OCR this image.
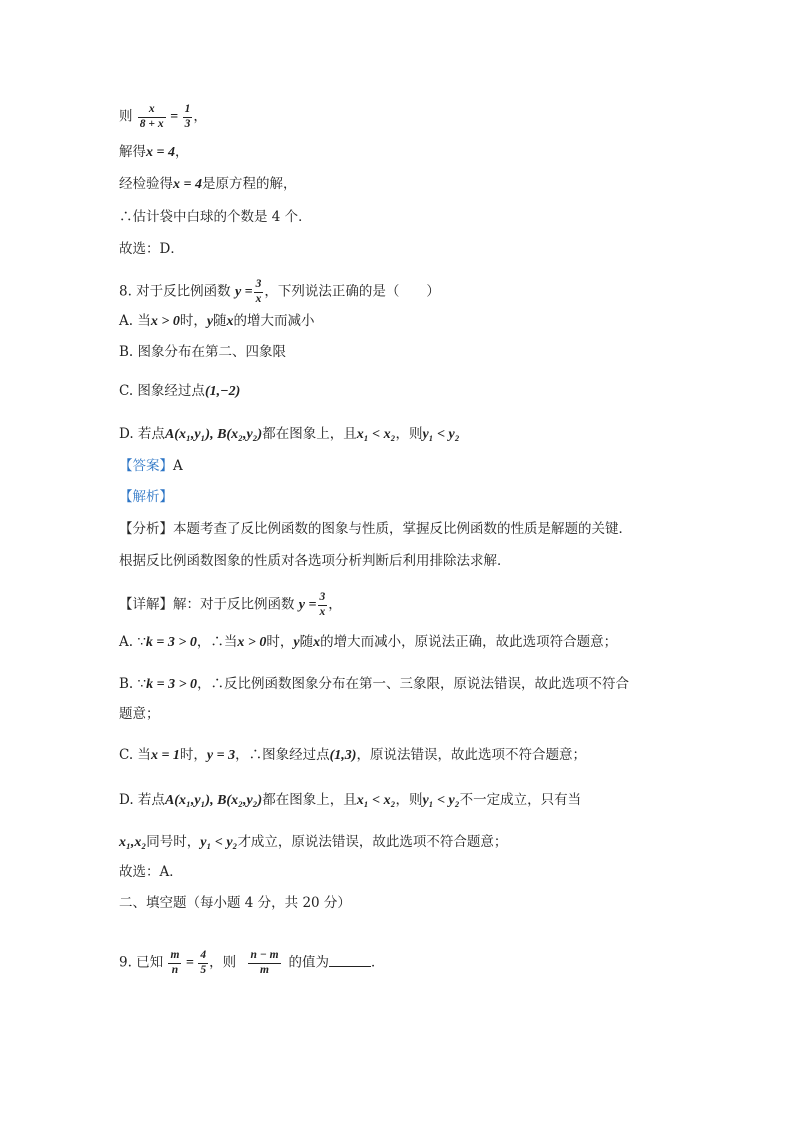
则 $\frac{x}{8 + x} = \frac{1}{3}$ ，
解得x = 4，
经检验得x = 4是原方程的解，
∴估计袋中白球的个数是 4 个．
故选：D．
8. 对于反比例函数 $y = \frac{3}{x}$ ，下列说法正确的是（　　）
A. 当x > 0时，y随x的增大而减小
B. 图象分布在第二、四象限
C. 图象经过点(1,−2)
D. 若点A(x₁,y₁), B(x₂,y₂)都在图象上，且x₁ < x₂，则y₁ < y₂
【答案】A
【解析】
【分析】本题考查了反比例函数的图象与性质，掌握反比例函数的性质是解题的关键．
根据反比例函数图象的性质对各选项分析判断后利用排除法求解．
【详解】解：对于反比例函数 $y = \frac{3}{x}$ ，
A. ∵k = 3 > 0，∴当x > 0时，y随x的增大而减小，原说法正确，故此选项符合题意；
B. ∵k = 3 > 0，∴反比例函数图象分布在第一、三象限，原说法错误，故此选项不符合
题意；
C. 当x = 1时，y = 3，∴图象经过点(1,3)，原说法错误，故此选项不符合题意；
D. 若点A(x₁,y₁), B(x₂,y₂)都在图象上，且x₁ < x₂，则y₁ < y₂不一定成立，只有当
x₁,x₂同号时，y₁ < y₂才成立，原说法错误，故此选项不符合题意；
故选：A．
二、填空题（每小题 4 分，共 20 分）
9. 已知 $\frac{m}{n} = \frac{4}{5}$ ，则 $\frac{n - m}{m}$ 的值为	．
